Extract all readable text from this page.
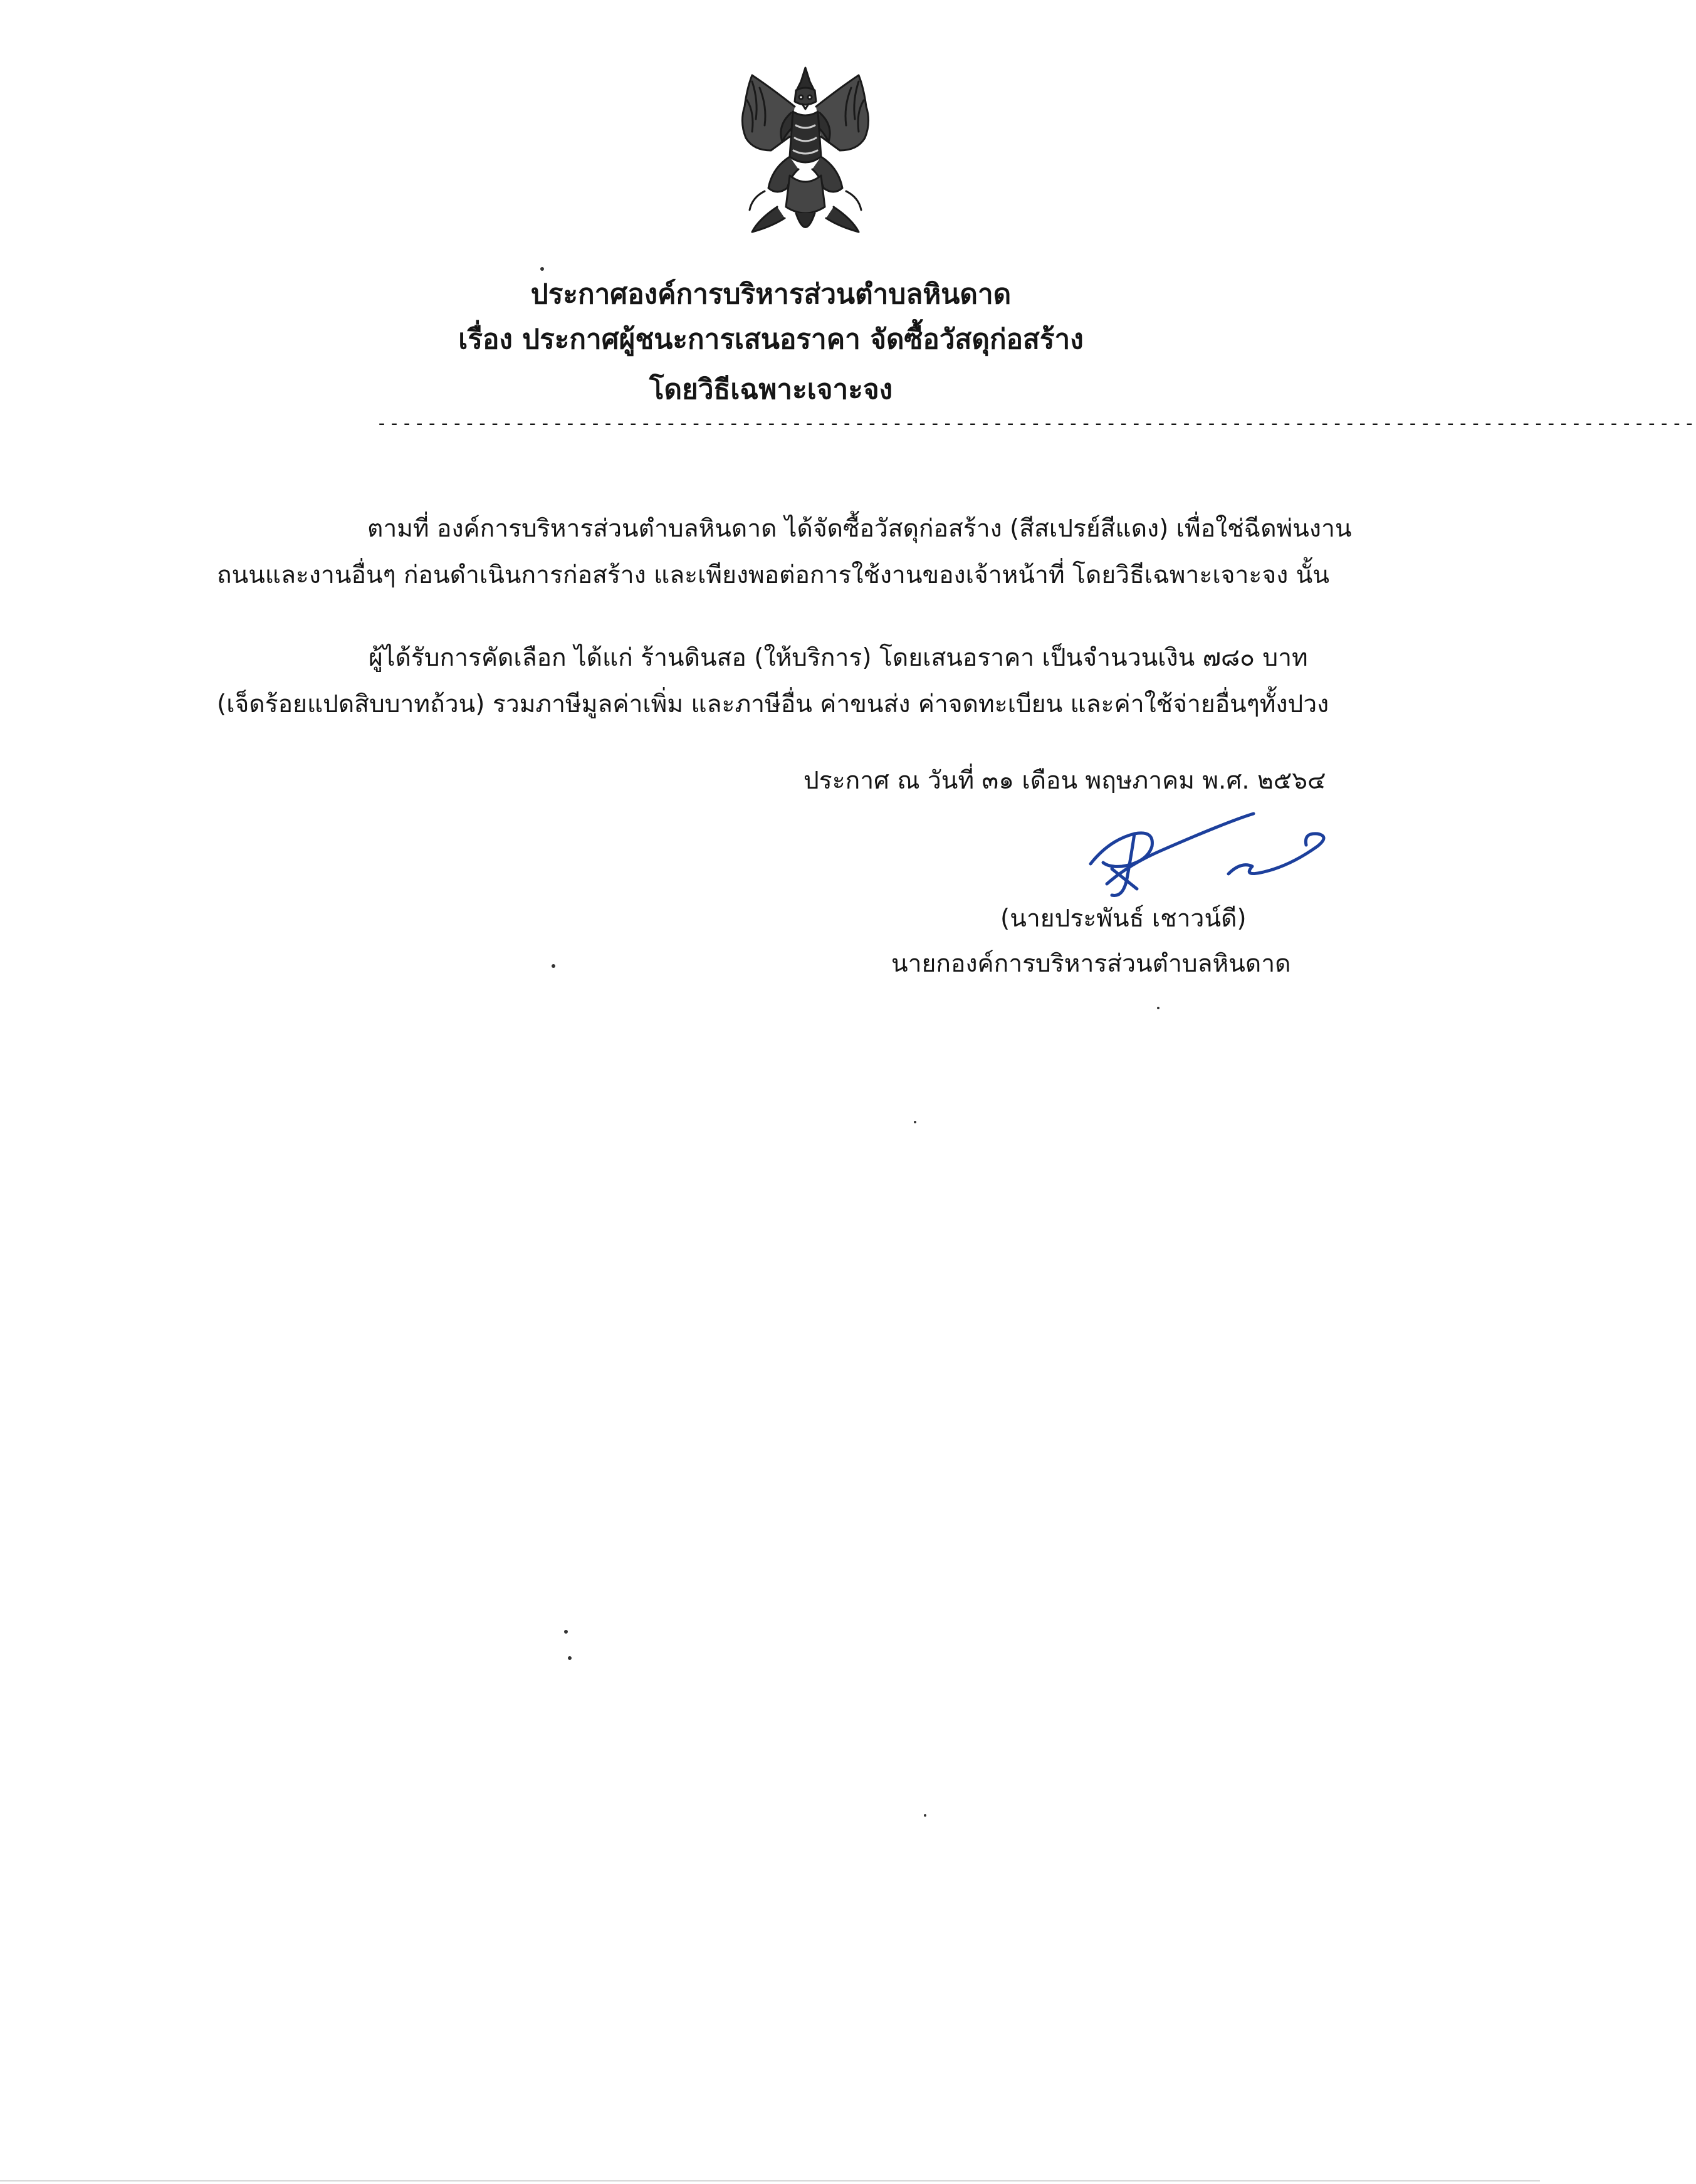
ประกาศองค์การบริหารส่วนตำบลหินดาด
เรื่อง ประกาศผู้ชนะการเสนอราคา จัดซื้อวัสดุก่อสร้าง
โดยวิธีเฉพาะเจาะจง
---------------------------------------------------------------------------------------------------------
ตามที่ องค์การบริหารส่วนตำบลหินดาด ได้จัดซื้อวัสดุก่อสร้าง (สีสเปรย์สีแดง) เพื่อใช่ฉีดพ่นงาน
ถนนและงานอื่นๆ ก่อนดำเนินการก่อสร้าง และเพียงพอต่อการใช้งานของเจ้าหน้าที่ โดยวิธีเฉพาะเจาะจง นั้น
ผู้ได้รับการคัดเลือก ได้แก่ ร้านดินสอ (ให้บริการ) โดยเสนอราคา เป็นจำนวนเงิน ๗๘๐ บาท
(เจ็ดร้อยแปดสิบบาทถ้วน) รวมภาษีมูลค่าเพิ่ม และภาษีอื่น ค่าขนส่ง ค่าจดทะเบียน และค่าใช้จ่ายอื่นๆทั้งปวง
ประกาศ ณ วันที่ ๓๑ เดือน พฤษภาคม พ.ศ. ๒๕๖๔
(นายประพันธ์ เชาวน์ดี)
นายกองค์การบริหารส่วนตำบลหินดาด
